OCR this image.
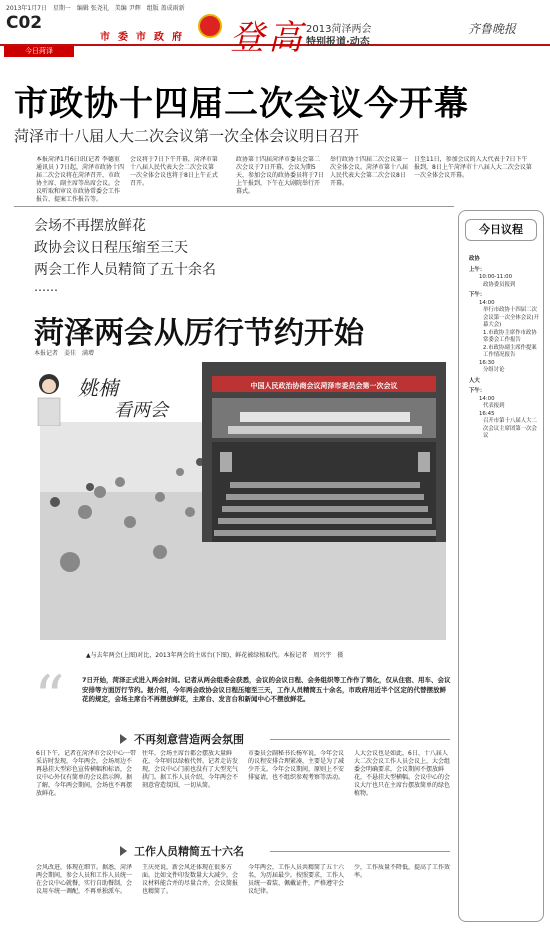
2013年1月7日　星期一　编辑 张尧礼　美编 尹辉　组版 盖成雨新
C02
今日菏泽
市 委 市 政 府 登高 2013菏泽两会
特别报道·动态
齐鲁晚报
市政协十四届二次会议今开幕
菏泽市十八届人大二次会议第一次全体会议明日召开
本报菏泽1月6日讯(记者 李德重 通讯员 ) 7日起，菏泽市政协十四届二次会议将在菏泽召开，市政协主席、副主席等出席会议。会议听取和审议市政协常委会工作报告、提案工作报告等。
会议将于7日下午开幕，菏泽市第十八届人民代表大会二次会议第一次全体会议也将于8日上午正式召开。
政协第十四届菏泽市委员会第二次会议于7日开幕，会议为期5天，参加会议的政协委员将于7日上午报到，下午在大剧院举行开幕式。
举行政协十四届二次会议第一次全体会议。菏泽市第十八届人民代表大会第二次会议8日开幕。
日至11日，参加会议的人大代表于7日下午报到，8日上午菏泽市十八届人大二次会议第一次全体会议开幕。
会场不再摆放鲜花
政协会议日程压缩至三天
两会工作人员精简了五十余名
……
菏泽两会从厉行节约开始
本报记者　姜佳　满增
中国人民政治协商会议菏泽市委员会第一次会议
姚楠
看两会
▲与去年两会(上图)对比，2013年两会的主席台(下图)，鲜花被绿植取代。本报记者　周兴宇　摄
“	7日开始，菏泽正式进入两会时间。记者从两会组委会获悉，会议的会议日程、会务组织等工作作了简化，仅从住宿、用车、会议安排等方面厉行节约。据介绍，今年两会政协会议日程压缩至三天，工作人员精简五十余名，市政府用近半个区定的代替摆放鲜花的规定，会场主席台不再摆放鲜花，主席台、发言台和新闻中心不摆放鲜花。
不再刻意营造两会氛围
6日下午，记者在菏泽市会议中心一带采访时发现，今年两会，会场周边不再悬挂大型彩色宣传横幅和标语，会议中心外仅有简单的会议指示牌。据了解，今年两会期间，会场也不再摆放鲜花。
往年，会场主席台都会摆放大量鲜花，今年则以绿植代替。记者走访发现，会议中心门前也没有了大型充气拱门。据工作人员介绍，今年两会不刻意营造氛围，一切从简。
市委员会副秘书长杨军说，今年会议的议程安排合理紧凑，主要是为了减少开支。今年会议期间，原则上不安排宴请，也不组织参观考察等活动。
人大会议也是如此，6日、十八届人大二次会议工作人员会议上，大会组委会明确要求，会议期间不摆放鲜花，不悬挂大型横幅。会议中心的会议大厅也只在主席台摆放简单的绿色植物。
工作人员精简五十六名
会风改进，体现在细节。据悉，菏泽两会期间，参会人员和工作人员统一在会议中心就餐，实行自助餐制，会议用车统一调配，不再单独派车。
王庆亮说，新会风还体现在很多方面。比如文件印发数量大大减少，会议材料能合并的尽量合并，会议简报也精简了。
今年两会，工作人员共精简了五十六名，为历届最少。按照要求，工作人员统一着装、佩戴证件，严格遵守会议纪律。
少，工作质量不降低，提高了工作效率。
今日议程
政协
上午：
10:00-11:00
政协委员报到
下午：
14:00
举行市政协十四届二次会议第一次全体会议(开幕大会)
1.市政协主席作市政协常委会工作报告
2.市政协副主席作提案工作情况报告
16:30
分组讨论
人大
下午：
14:00
代表报到
16:45
召开市第十八届人大二次会议主席团第一次会议
